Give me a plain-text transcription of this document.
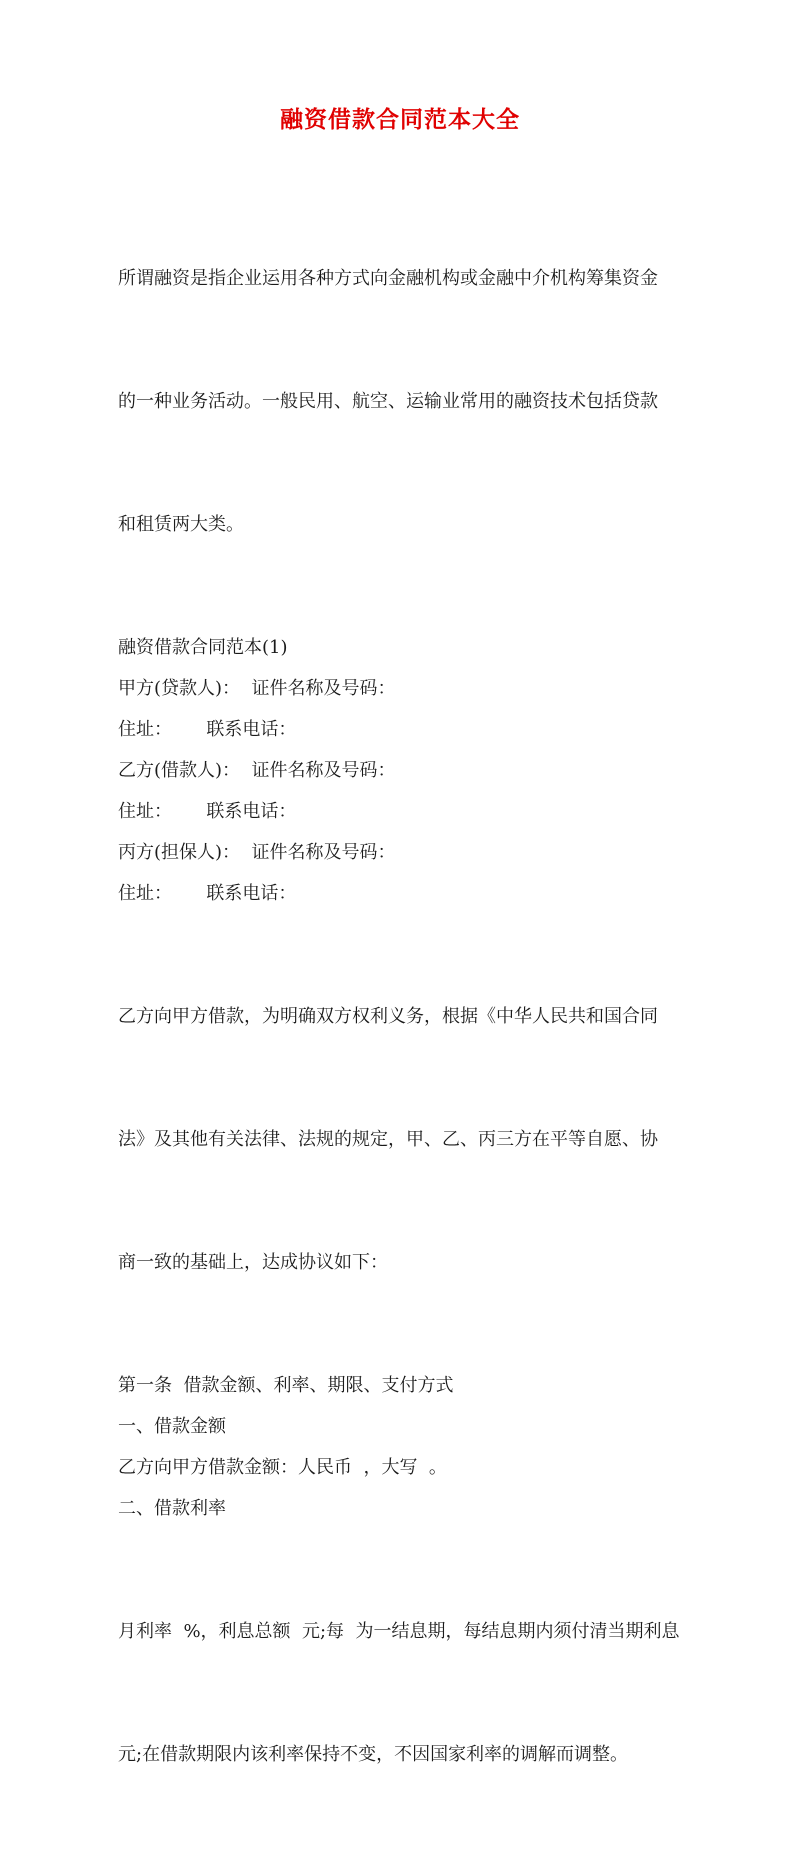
融资借款合同范本大全

所谓融资是指企业运用各种方式向金融机构或金融中介机构筹集资金

的一种业务活动。一般民用、航空、运输业常用的融资技术包括贷款

和租赁两大类。

融资借款合同范本(1)

甲方(贷款人)：  证件名称及号码：

住址：      联系电话：

乙方(借款人)：  证件名称及号码：

住址：      联系电话：

丙方(担保人)：  证件名称及号码：

住址：      联系电话：

乙方向甲方借款，为明确双方权利义务，根据《中华人民共和国合同

法》及其他有关法律、法规的规定，甲、乙、丙三方在平等自愿、协

商一致的基础上，达成协议如下：

第一条  借款金额、利率、期限、支付方式

一、借款金额

乙方向甲方借款金额：人民币  ，大写  。

二、借款利率

月利率  %，利息总额  元;每  为一结息期，每结息期内须付清当期利息

元;在借款期限内该利率保持不变，不因国家利率的调解而调整。
